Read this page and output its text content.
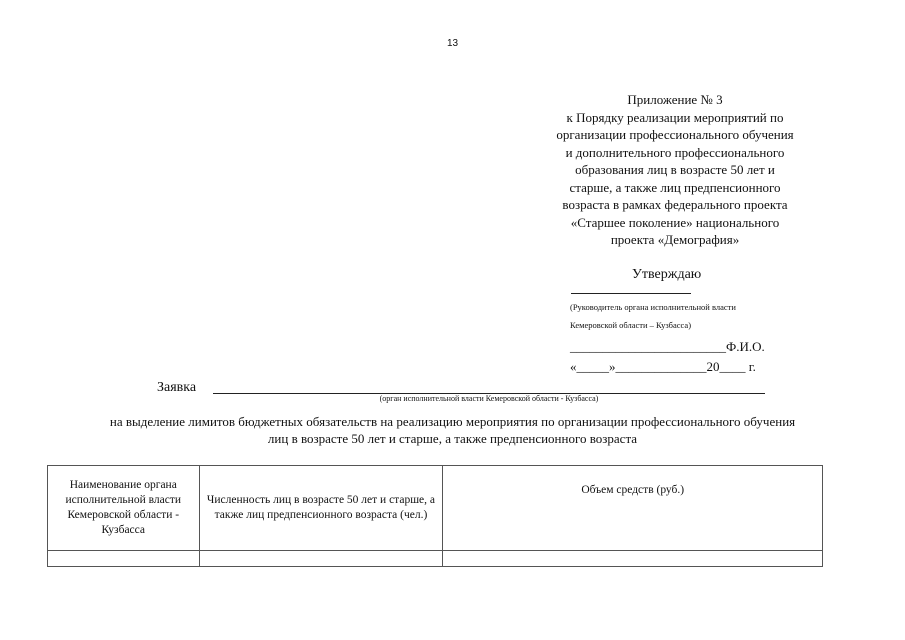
13
Приложение № 3
к Порядку реализации мероприятий по
организации профессионального обучения
и дополнительного профессионального
образования лиц в возрасте 50 лет и
старше, а также лиц предпенсионного
возраста в рамках федерального проекта
«Старшее поколение» национального
проекта «Демография»
Утверждаю
(Руководитель органа исполнительной власти
Кемеровской области – Кузбасса)
________________________Ф.И.О.
«_____»______________20____ г.
Заявка
(орган исполнительной власти Кемеровской области - Кузбасса)
на выделение лимитов бюджетных обязательств на реализацию мероприятия по организации профессионального обучения
лиц в возрасте 50 лет и старше, а также предпенсионного возраста
Наименование органа исполнительной власти Кемеровской области - Кузбасса	Численность лиц в возрасте 50 лет и старше, а также лиц предпенсионного возраста (чел.)	Объем средств (руб.)
